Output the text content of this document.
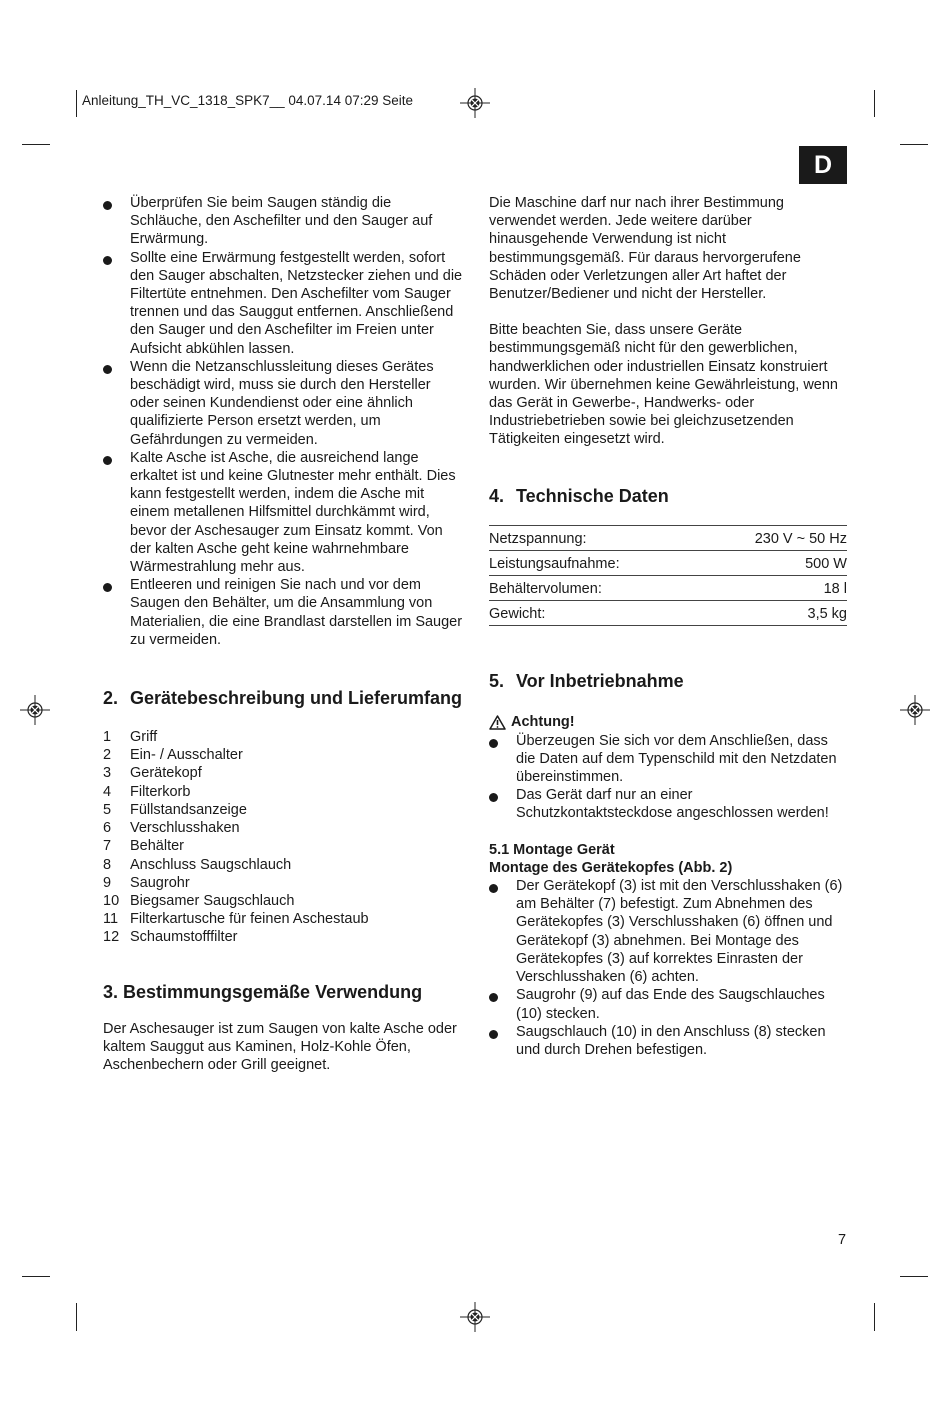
Anleitung_TH_VC_1318_SPK7__ 04.07.14 07:29 Seite
D

Überprüfen Sie beim Saugen ständig die Schläuche, den Aschefilter und den Sauger auf Erwärmung.

Sollte eine Erwärmung festgestellt werden, sofort den Sauger abschalten, Netzstecker ziehen und die Filtertüte entnehmen. Den Aschefilter vom Sauger trennen und das Sauggut entfernen. Anschließend den Sauger und den Aschefilter im Freien unter Aufsicht abkühlen lassen.

Wenn die Netzanschlussleitung dieses Gerätes beschädigt wird, muss sie durch den Hersteller oder seinen Kundendienst oder eine ähnlich qualifizierte Person ersetzt werden, um Gefährdungen zu vermeiden.

Kalte Asche ist Asche, die ausreichend lange erkaltet ist und keine Glutnester mehr enthält. Dies kann festgestellt werden, indem die Asche mit einem metallenen Hilfsmittel durchkämmt wird, bevor der Aschesauger zum Einsatz kommt. Von der kalten Asche geht keine wahrnehmbare Wärmestrahlung mehr aus.

Entleeren und reinigen Sie nach und vor dem Saugen den Behälter, um die Ansammlung von Materialien, die eine Brandlast darstellen im Sauger zu vermeiden.

2. Gerätebeschreibung und Lieferumfang
1	Griff
2	Ein- / Ausschalter
3	Gerätekopf
4	Filterkorb
5	Füllstandsanzeige
6	Verschlusshaken
7	Behälter
8	Anschluss Saugschlauch
9	Saugrohr
10 Biegsamer Saugschlauch
11 Filterkartusche für feinen Aschestaub
12 Schaumstofffilter
3. Bestimmungsgemäße Verwendung

Der Aschesauger ist zum Saugen von kalte Asche oder kaltem Sauggut aus Kaminen, Holz-Kohle Öfen, Aschenbechern oder Grill geeignet.

Die Maschine darf nur nach ihrer Bestimmung verwendet werden. Jede weitere darüber hinausgehende Verwendung ist nicht bestimmungsgemäß. Für daraus hervorgerufene Schäden oder Verletzungen aller Art haftet der Benutzer/Bediener und nicht der Hersteller.

Bitte beachten Sie, dass unsere Geräte bestimmungsgemäß nicht für den gewerblichen, handwerklichen oder industriellen Einsatz konstruiert wurden. Wir übernehmen keine Gewährleistung, wenn das Gerät in Gewerbe-, Handwerks- oder Industriebetrieben sowie bei gleichzusetzenden Tätigkeiten eingesetzt wird.

4. Technische Daten
Netzspannung:	230 V ~ 50 Hz
Leistungsaufnahme:	500 W
Behältervolumen:	18 l
Gewicht:	3,5 kg
5. Vor Inbetriebnahme

Achtung!

Überzeugen Sie sich vor dem Anschließen, dass die Daten auf dem Typenschild mit den Netzdaten übereinstimmen.

Das Gerät darf nur an einer Schutzkontaktsteckdose angeschlossen werden!

5.1 Montage Gerät

Montage des Gerätekopfes (Abb. 2)

Der Gerätekopf (3) ist mit den Verschlusshaken (6) am Behälter (7) befestigt. Zum Abnehmen des Gerätekopfes (3) Verschlusshaken (6) öffnen und Gerätekopf (3) abnehmen. Bei Montage des Gerätekopfes (3) auf korrektes Einrasten der Verschlusshaken (6) achten.

Saugrohr (9) auf das Ende des Saugschlauches (10) stecken.

Saugschlauch (10) in den Anschluss (8) stecken und durch Drehen befestigen.

7
